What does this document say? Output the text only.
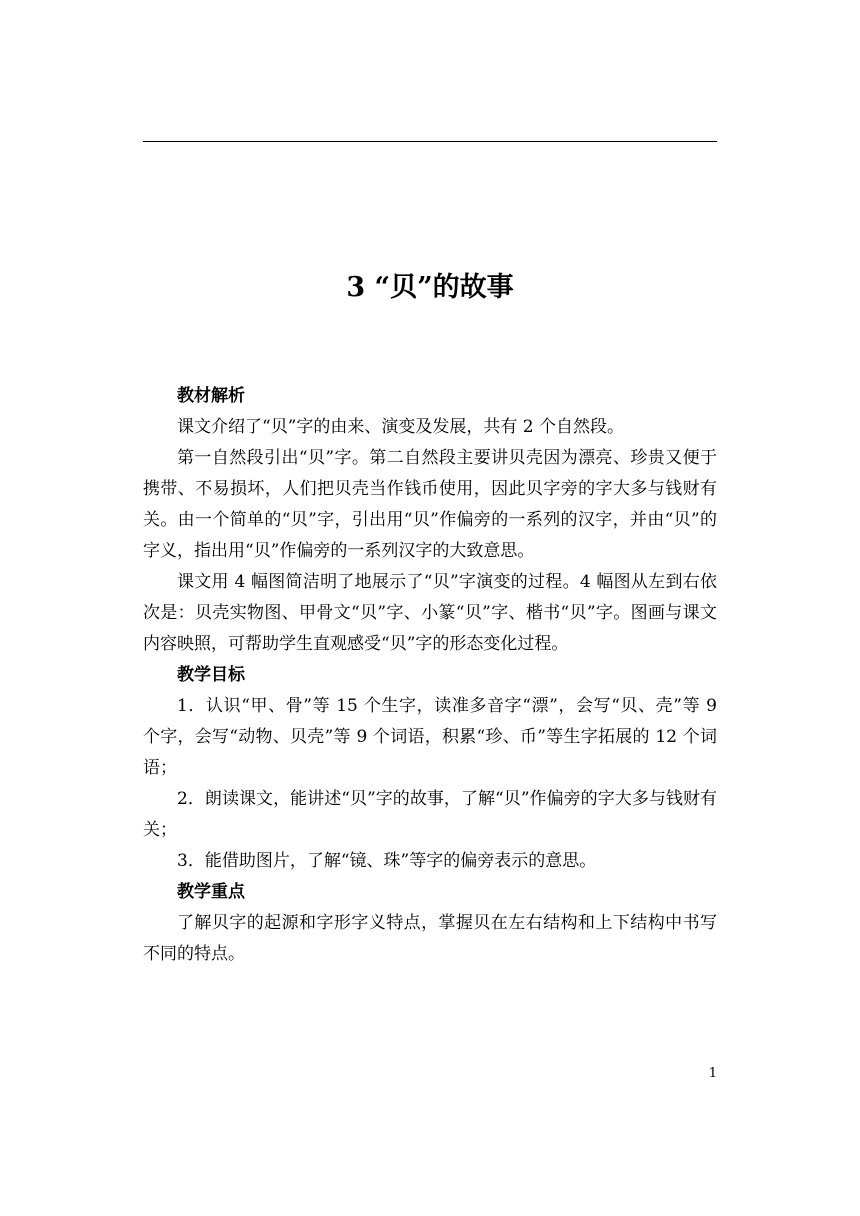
3 “贝”的故事
教材解析

课文介绍了“贝”字的由来、演变及发展，共有 2 个自然段。

第一自然段引出“贝”字。第二自然段主要讲贝壳因为漂亮、珍贵又便于携带、不易损坏，人们把贝壳当作钱币使用，因此贝字旁的字大多与钱财有关。由一个简单的“贝”字，引出用“贝”作偏旁的一系列的汉字，并由“贝”的字义，指出用“贝”作偏旁的一系列汉字的大致意思。

课文用 4 幅图简洁明了地展示了“贝”字演变的过程。4 幅图从左到右依次是：贝壳实物图、甲骨文“贝”字、小篆“贝”字、楷书“贝”字。图画与课文内容映照，可帮助学生直观感受“贝”字的形态变化过程。

教学目标

1．认识“甲、骨”等 15 个生字，读准多音字“漂”，会写“贝、壳”等 9 个字，会写“动物、贝壳”等 9 个词语，积累“珍、币”等生字拓展的 12 个词语；

2．朗读课文，能讲述“贝”字的故事，了解“贝”作偏旁的字大多与钱财有关；

3．能借助图片，了解“镜、珠”等字的偏旁表示的意思。

教学重点

了解贝字的起源和字形字义特点，掌握贝在左右结构和上下结构中书写不同的特点。

1
